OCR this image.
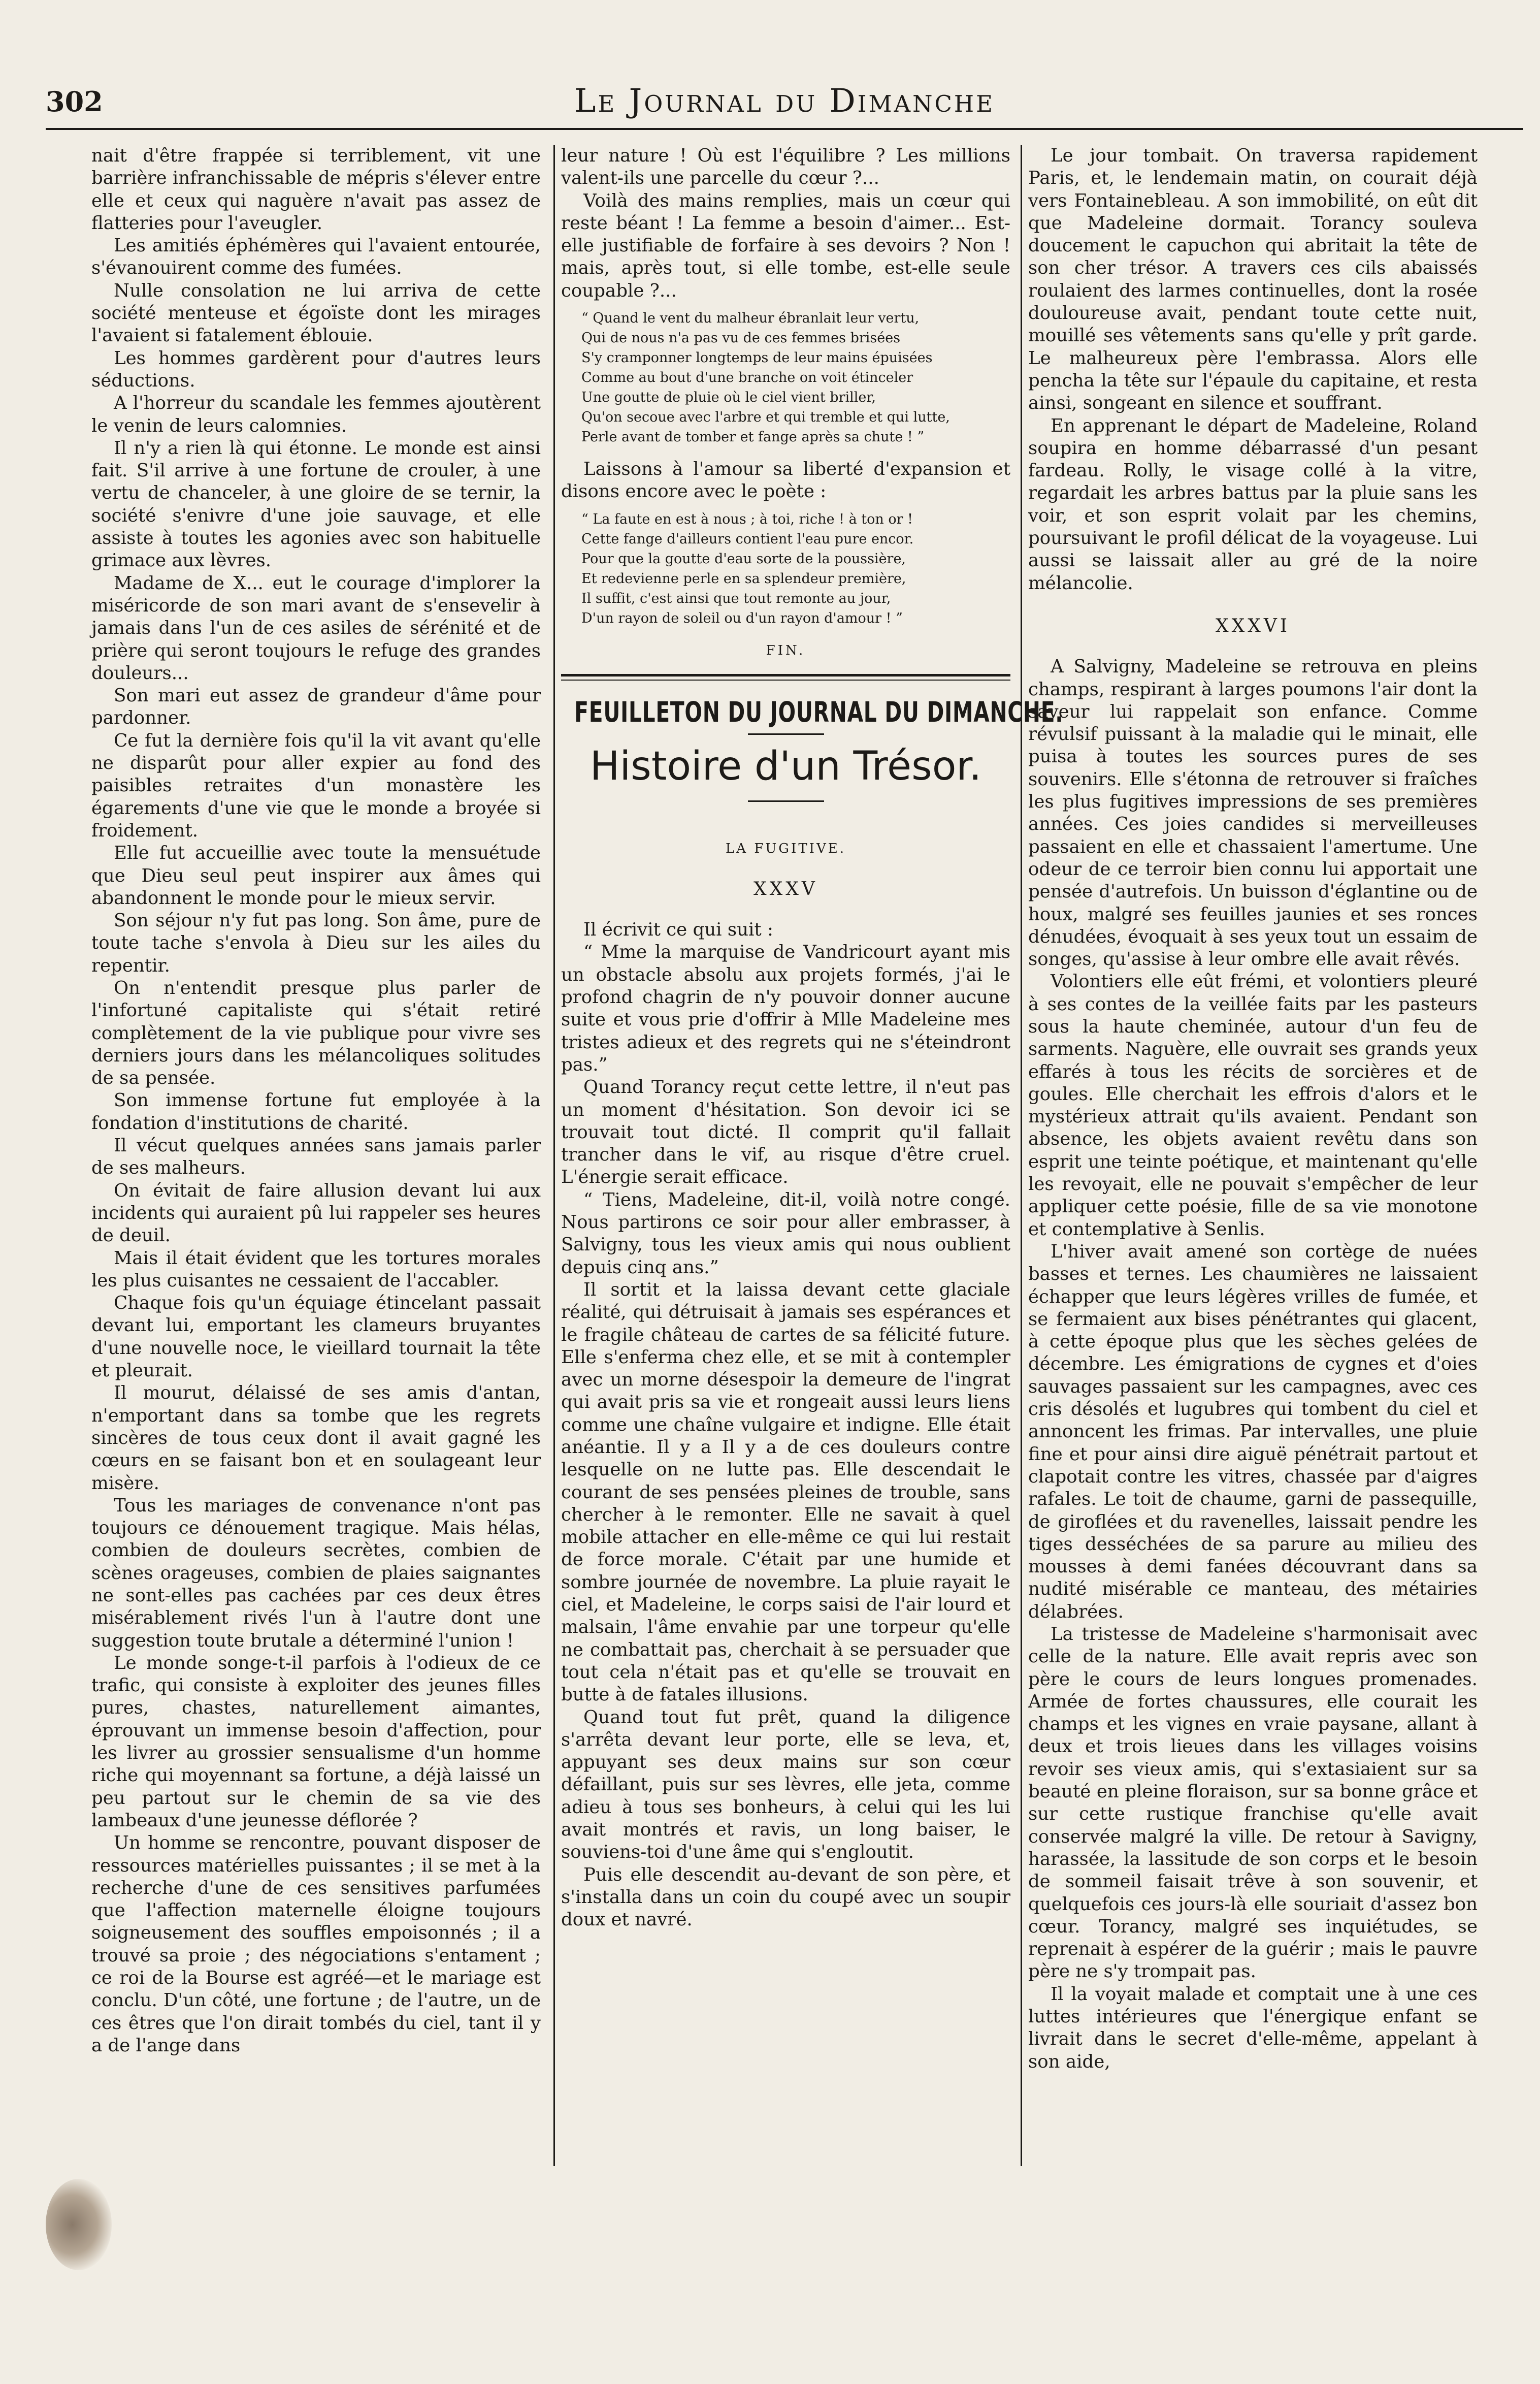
302	Le Journal du Dimanche

nait d'être frappée si terriblement, vit une barrière infranchissable de mépris s'élever entre elle et ceux qui naguère n'avait pas assez de flatteries pour l'aveugler.

Les amitiés éphémères qui l'avaient entourée, s'évanouirent comme des fumées.

Nulle consolation ne lui arriva de cette société menteuse et égoïste dont les mirages l'avaient si fatalement éblouie.

Les hommes gardèrent pour d'autres leurs séductions.

A l'horreur du scandale les femmes ajoutèrent le venin de leurs calomnies.

Il n'y a rien là qui étonne. Le monde est ainsi fait. S'il arrive à une fortune de crouler, à une vertu de chanceler, à une gloire de se ternir, la société s'enivre d'une joie sauvage, et elle assiste à toutes les agonies avec son habituelle grimace aux lèvres.

Madame de X... eut le courage d'implorer la miséricorde de son mari avant de s'ensevelir à jamais dans l'un de ces asiles de sérénité et de prière qui seront toujours le refuge des grandes douleurs...

Son mari eut assez de grandeur d'âme pour pardonner.

Ce fut la dernière fois qu'il la vit avant qu'elle ne disparût pour aller expier au fond des paisibles retraites d'un monastère les égarements d'une vie que le monde a broyée si froidement.

Elle fut accueillie avec toute la mensuétude que Dieu seul peut inspirer aux âmes qui abandonnent le monde pour le mieux servir.

Son séjour n'y fut pas long. Son âme, pure de toute tache s'envola à Dieu sur les ailes du repentir.

On n'entendit presque plus parler de l'infortuné capitaliste qui s'était retiré complètement de la vie publique pour vivre ses derniers jours dans les mélancoliques solitudes de sa pensée.

Son immense fortune fut employée à la fondation d'institutions de charité.

Il vécut quelques années sans jamais parler de ses malheurs.

On évitait de faire allusion devant lui aux incidents qui auraient pû lui rappeler ses heures de deuil.

Mais il était évident que les tortures morales les plus cuisantes ne cessaient de l'accabler.

Chaque fois qu'un équiage étincelant passait devant lui, emportant les clameurs bruyantes d'une nouvelle noce, le vieillard tournait la tête et pleurait.

Il mourut, délaissé de ses amis d'antan, n'emportant dans sa tombe que les regrets sincères de tous ceux dont il avait gagné les cœurs en se faisant bon et en soulageant leur misère.

Tous les mariages de convenance n'ont pas toujours ce dénouement tragique. Mais hélas, combien de douleurs secrètes, combien de scènes orageuses, combien de plaies saignantes ne sont-elles pas cachées par ces deux êtres misérablement rivés l'un à l'autre dont une suggestion toute brutale a déterminé l'union !

Le monde songe-t-il parfois à l'odieux de ce trafic, qui consiste à exploiter des jeunes filles pures, chastes, naturellement aimantes, éprouvant un immense besoin d'affection, pour les livrer au grossier sensualisme d'un homme riche qui moyennant sa fortune, a déjà laissé un peu partout sur le chemin de sa vie des lambeaux d'une jeunesse déflorée ?

Un homme se rencontre, pouvant disposer de ressources matérielles puissantes ; il se met à la recherche d'une de ces sensitives parfumées que l'affection maternelle éloigne toujours soigneusement des souffles empoisonnés ; il a trouvé sa proie ; des négociations s'entament ; ce roi de la Bourse est agréé—et le mariage est conclu. D'un côté, une fortune ; de l'autre, un de ces êtres que l'on dirait tombés du ciel, tant il y a de l'ange dans

leur nature ! Où est l'équilibre ? Les millions valent-ils une parcelle du cœur ?...

Voilà des mains remplies, mais un cœur qui reste béant ! La femme a besoin d'aimer... Est-elle justifiable de forfaire à ses devoirs ? Non ! mais, après tout, si elle tombe, est-elle seule coupable ?...

“ Quand le vent du malheur ébranlait leur vertu,
Qui de nous n'a pas vu de ces femmes brisées
S'y cramponner longtemps de leur mains épuisées
Comme au bout d'une branche on voit étinceler
Une goutte de pluie où le ciel vient briller,
Qu'on secoue avec l'arbre et qui tremble et qui lutte,
Perle avant de tomber et fange après sa chute ! ”

Laissons à l'amour sa liberté d'expansion et disons encore avec le poète :

“ La faute en est à nous ; à toi, riche ! à ton or !
Cette fange d'ailleurs contient l'eau pure encor.
Pour que la goutte d'eau sorte de la poussière,
Et redevienne perle en sa splendeur première,
Il suffit, c'est ainsi que tout remonte au jour,
D'un rayon de soleil ou d'un rayon d'amour ! ”
FIN.
FEUILLETON DU JOURNAL DU DIMANCHE.
Histoire d'un Trésor.
LA FUGITIVE.
XXXV

Il écrivit ce qui suit :

“ Mme la marquise de Vandricourt ayant mis un obstacle absolu aux projets formés, j'ai le profond chagrin de n'y pouvoir donner aucune suite et vous prie d'offrir à Mlle Madeleine mes tristes adieux et des regrets qui ne s'éteindront pas.”

Quand Torancy reçut cette lettre, il n'eut pas un moment d'hésitation. Son devoir ici se trouvait tout dicté. Il comprit qu'il fallait trancher dans le vif, au risque d'être cruel. L'énergie serait efficace.

“ Tiens, Madeleine, dit-il, voilà notre congé. Nous partirons ce soir pour aller embrasser, à Salvigny, tous les vieux amis qui nous oublient depuis cinq ans.”

Il sortit et la laissa devant cette glaciale réalité, qui détruisait à jamais ses espérances et le fragile château de cartes de sa félicité future. Elle s'enferma chez elle, et se mit à contempler avec un morne désespoir la demeure de l'ingrat qui avait pris sa vie et rongeait aussi leurs liens comme une chaîne vulgaire et indigne. Elle était anéantie. Il y a Il y a de ces douleurs contre lesquelle on ne lutte pas. Elle descendait le courant de ses pensées pleines de trouble, sans chercher à le remonter. Elle ne savait à quel mobile attacher en elle-même ce qui lui restait de force morale. C'était par une humide et sombre journée de novembre. La pluie rayait le ciel, et Madeleine, le corps saisi de l'air lourd et malsain, l'âme envahie par une torpeur qu'elle ne combattait pas, cherchait à se persuader que tout cela n'était pas et qu'elle se trouvait en butte à de fatales illusions.

Quand tout fut prêt, quand la diligence s'arrêta devant leur porte, elle se leva, et, appuyant ses deux mains sur son cœur défaillant, puis sur ses lèvres, elle jeta, comme adieu à tous ses bonheurs, à celui qui les lui avait montrés et ravis, un long baiser, le souviens-toi d'une âme qui s'engloutit.

Puis elle descendit au-devant de son père, et s'installa dans un coin du coupé avec un soupir doux et navré.

Le jour tombait. On traversa rapidement Paris, et, le lendemain matin, on courait déjà vers Fontainebleau. A son immobilité, on eût dit que Madeleine dormait. Torancy souleva doucement le capuchon qui abritait la tête de son cher trésor. A travers ces cils abaissés roulaient des larmes continuelles, dont la rosée douloureuse avait, pendant toute cette nuit, mouillé ses vêtements sans qu'elle y prît garde. Le malheureux père l'embrassa. Alors elle pencha la tête sur l'épaule du capitaine, et resta ainsi, songeant en silence et souffrant.

En apprenant le départ de Madeleine, Roland soupira en homme débarrassé d'un pesant fardeau. Rolly, le visage collé à la vitre, regardait les arbres battus par la pluie sans les voir, et son esprit volait par les chemins, poursuivant le profil délicat de la voyageuse. Lui aussi se laissait aller au gré de la noire mélancolie.

XXXVI

A Salvigny, Madeleine se retrouva en pleins champs, respirant à larges poumons l'air dont la saveur lui rappelait son enfance. Comme révulsif puissant à la maladie qui le minait, elle puisa à toutes les sources pures de ses souvenirs. Elle s'étonna de retrouver si fraîches les plus fugitives impressions de ses premières années. Ces joies candides si merveilleuses passaient en elle et chassaient l'amertume. Une odeur de ce terroir bien connu lui apportait une pensée d'autrefois. Un buisson d'églantine ou de houx, malgré ses feuilles jaunies et ses ronces dénudées, évoquait à ses yeux tout un essaim de songes, qu'assise à leur ombre elle avait rêvés.

Volontiers elle eût frémi, et volontiers pleuré à ses contes de la veillée faits par les pasteurs sous la haute cheminée, autour d'un feu de sarments. Naguère, elle ouvrait ses grands yeux effarés à tous les récits de sorcières et de goules. Elle cherchait les effrois d'alors et le mystérieux attrait qu'ils avaient. Pendant son absence, les objets avaient revêtu dans son esprit une teinte poétique, et maintenant qu'elle les revoyait, elle ne pouvait s'empêcher de leur appliquer cette poésie, fille de sa vie monotone et contemplative à Senlis.

L'hiver avait amené son cortège de nuées basses et ternes. Les chaumières ne laissaient échapper que leurs légères vrilles de fumée, et se fermaient aux bises pénétrantes qui glacent, à cette époque plus que les sèches gelées de décembre. Les émigrations de cygnes et d'oies sauvages passaient sur les campagnes, avec ces cris désolés et lugubres qui tombent du ciel et annoncent les frimas. Par intervalles, une pluie fine et pour ainsi dire aiguë pénétrait partout et clapotait contre les vitres, chassée par d'aigres rafales. Le toit de chaume, garni de passequille, de giroflées et du ravenelles, laissait pendre les tiges desséchées de sa parure au milieu des mousses à demi fanées découvrant dans sa nudité misérable ce manteau, des métairies délabrées.

La tristesse de Madeleine s'harmonisait avec celle de la nature. Elle avait repris avec son père le cours de leurs longues promenades. Armée de fortes chaussures, elle courait les champs et les vignes en vraie paysane, allant à deux et trois lieues dans les villages voisins revoir ses vieux amis, qui s'extasiaient sur sa beauté en pleine floraison, sur sa bonne grâce et sur cette rustique franchise qu'elle avait conservée malgré la ville. De retour à Savigny, harassée, la lassitude de son corps et le besoin de sommeil faisait trêve à son souvenir, et quelquefois ces jours-là elle souriait d'assez bon cœur. Torancy, malgré ses inquiétudes, se reprenait à espérer de la guérir ; mais le pauvre père ne s'y trompait pas.

Il la voyait malade et comptait une à une ces luttes intérieures que l'énergique enfant se livrait dans le secret d'elle-même, appelant à son aide,
